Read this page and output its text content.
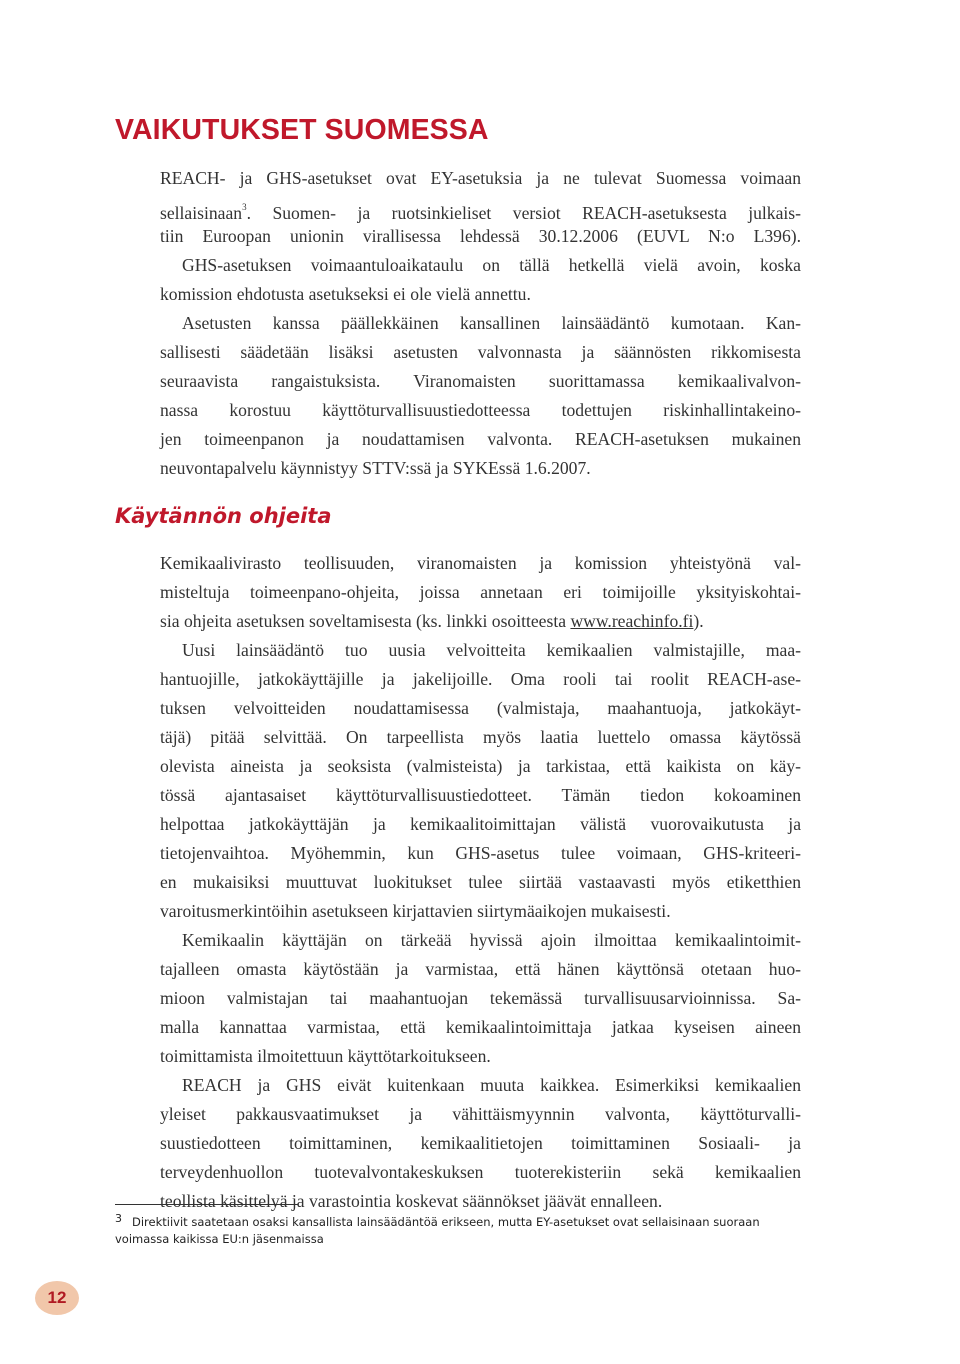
VAIKUTUKSET SUOMESSA
REACH- ja GHS-asetukset ovat EY-asetuksia ja ne tulevat Suomessa voimaan
sellaisinaan$^3$. Suomen- ja ruotsinkieliset versiot REACH-asetuksesta julkais-
tiin Euroopan unionin virallisessa lehdessä 30.12.2006 (EUVL N:o L396).
GHS-asetuksen voimaantuloaikataulu on tällä hetkellä vielä avoin, koska
komission ehdotusta asetukseksi ei ole vielä annettu.
Asetusten kanssa päällekkäinen kansallinen lainsäädäntö kumotaan. Kan-
sallisesti säädetään lisäksi asetusten valvonnasta ja säännösten rikkomisesta
seuraavista rangaistuksista. Viranomaisten suorittamassa kemikaalivalvon-
nassa korostuu käyttöturvallisuustiedotteessa todettujen riskinhallintakeino-
jen toimeenpanon ja noudattamisen valvonta. REACH-asetuksen mukainen
neuvontapalvelu käynnistyy STTV:ssä ja SYKEssä 1.6.2007.
Käytännön ohjeita
Kemikaalivirasto teollisuuden, viranomaisten ja komission yhteistyönä val-
misteltuja toimeenpano-ohjeita, joissa annetaan eri toimijoille yksityiskohtai-
sia ohjeita asetuksen soveltamisesta (ks. linkki osoitteesta www.reachinfo.fi).
Uusi lainsäädäntö tuo uusia velvoitteita kemikaalien valmistajille, maa-
hantuojille, jatkokäyttäjille ja jakelijoille. Oma rooli tai roolit REACH-ase-
tuksen velvoitteiden noudattamisessa (valmistaja, maahantuoja, jatkokäyt-
täjä) pitää selvittää. On tarpeellista myös laatia luettelo omassa käytössä
olevista aineista ja seoksista (valmisteista) ja tarkistaa, että kaikista on käy-
tössä ajantasaiset käyttöturvallisuustiedotteet. Tämän tiedon kokoaminen
helpottaa jatkokäyttäjän ja kemikaalitoimittajan välistä vuorovaikutusta ja
tietojenvaihtoa. Myöhemmin, kun GHS-asetus tulee voimaan, GHS-kriteeri-
en mukaisiksi muuttuvat luokitukset tulee siirtää vastaavasti myös etiketthien
varoitusmerkintöihin asetukseen kirjattavien siirtymäaikojen mukaisesti.
Kemikaalin käyttäjän on tärkeää hyvissä ajoin ilmoittaa kemikaalintoimit-
tajalleen omasta käytöstään ja varmistaa, että hänen käyttönsä otetaan huo-
mioon valmistajan tai maahantuojan tekemässä turvallisuusarvioinnissa. Sa-
malla kannattaa varmistaa, että kemikaalintoimittaja jatkaa kyseisen aineen
toimittamista ilmoitettuun käyttötarkoitukseen.
REACH ja GHS eivät kuitenkaan muuta kaikkea. Esimerkiksi kemikaalien
yleiset pakkausvaatimukset ja vähittäismyynnin valvonta, käyttöturvalli-
suustiedotteen toimittaminen, kemikaalitietojen toimittaminen Sosiaali- ja
terveydenhuollon tuotevalvontakeskuksen tuoterekisteriin sekä kemikaalien
teollista käsittelyä ja varastointia koskevat säännökset jäävät ennalleen.
3 Direktiivit saatetaan osaksi kansallista lainsäädäntöä erikseen, mutta EY-asetukset ovat sellaisinaan suoraan voimassa kaikissa EU:n jäsenmaissa
12
